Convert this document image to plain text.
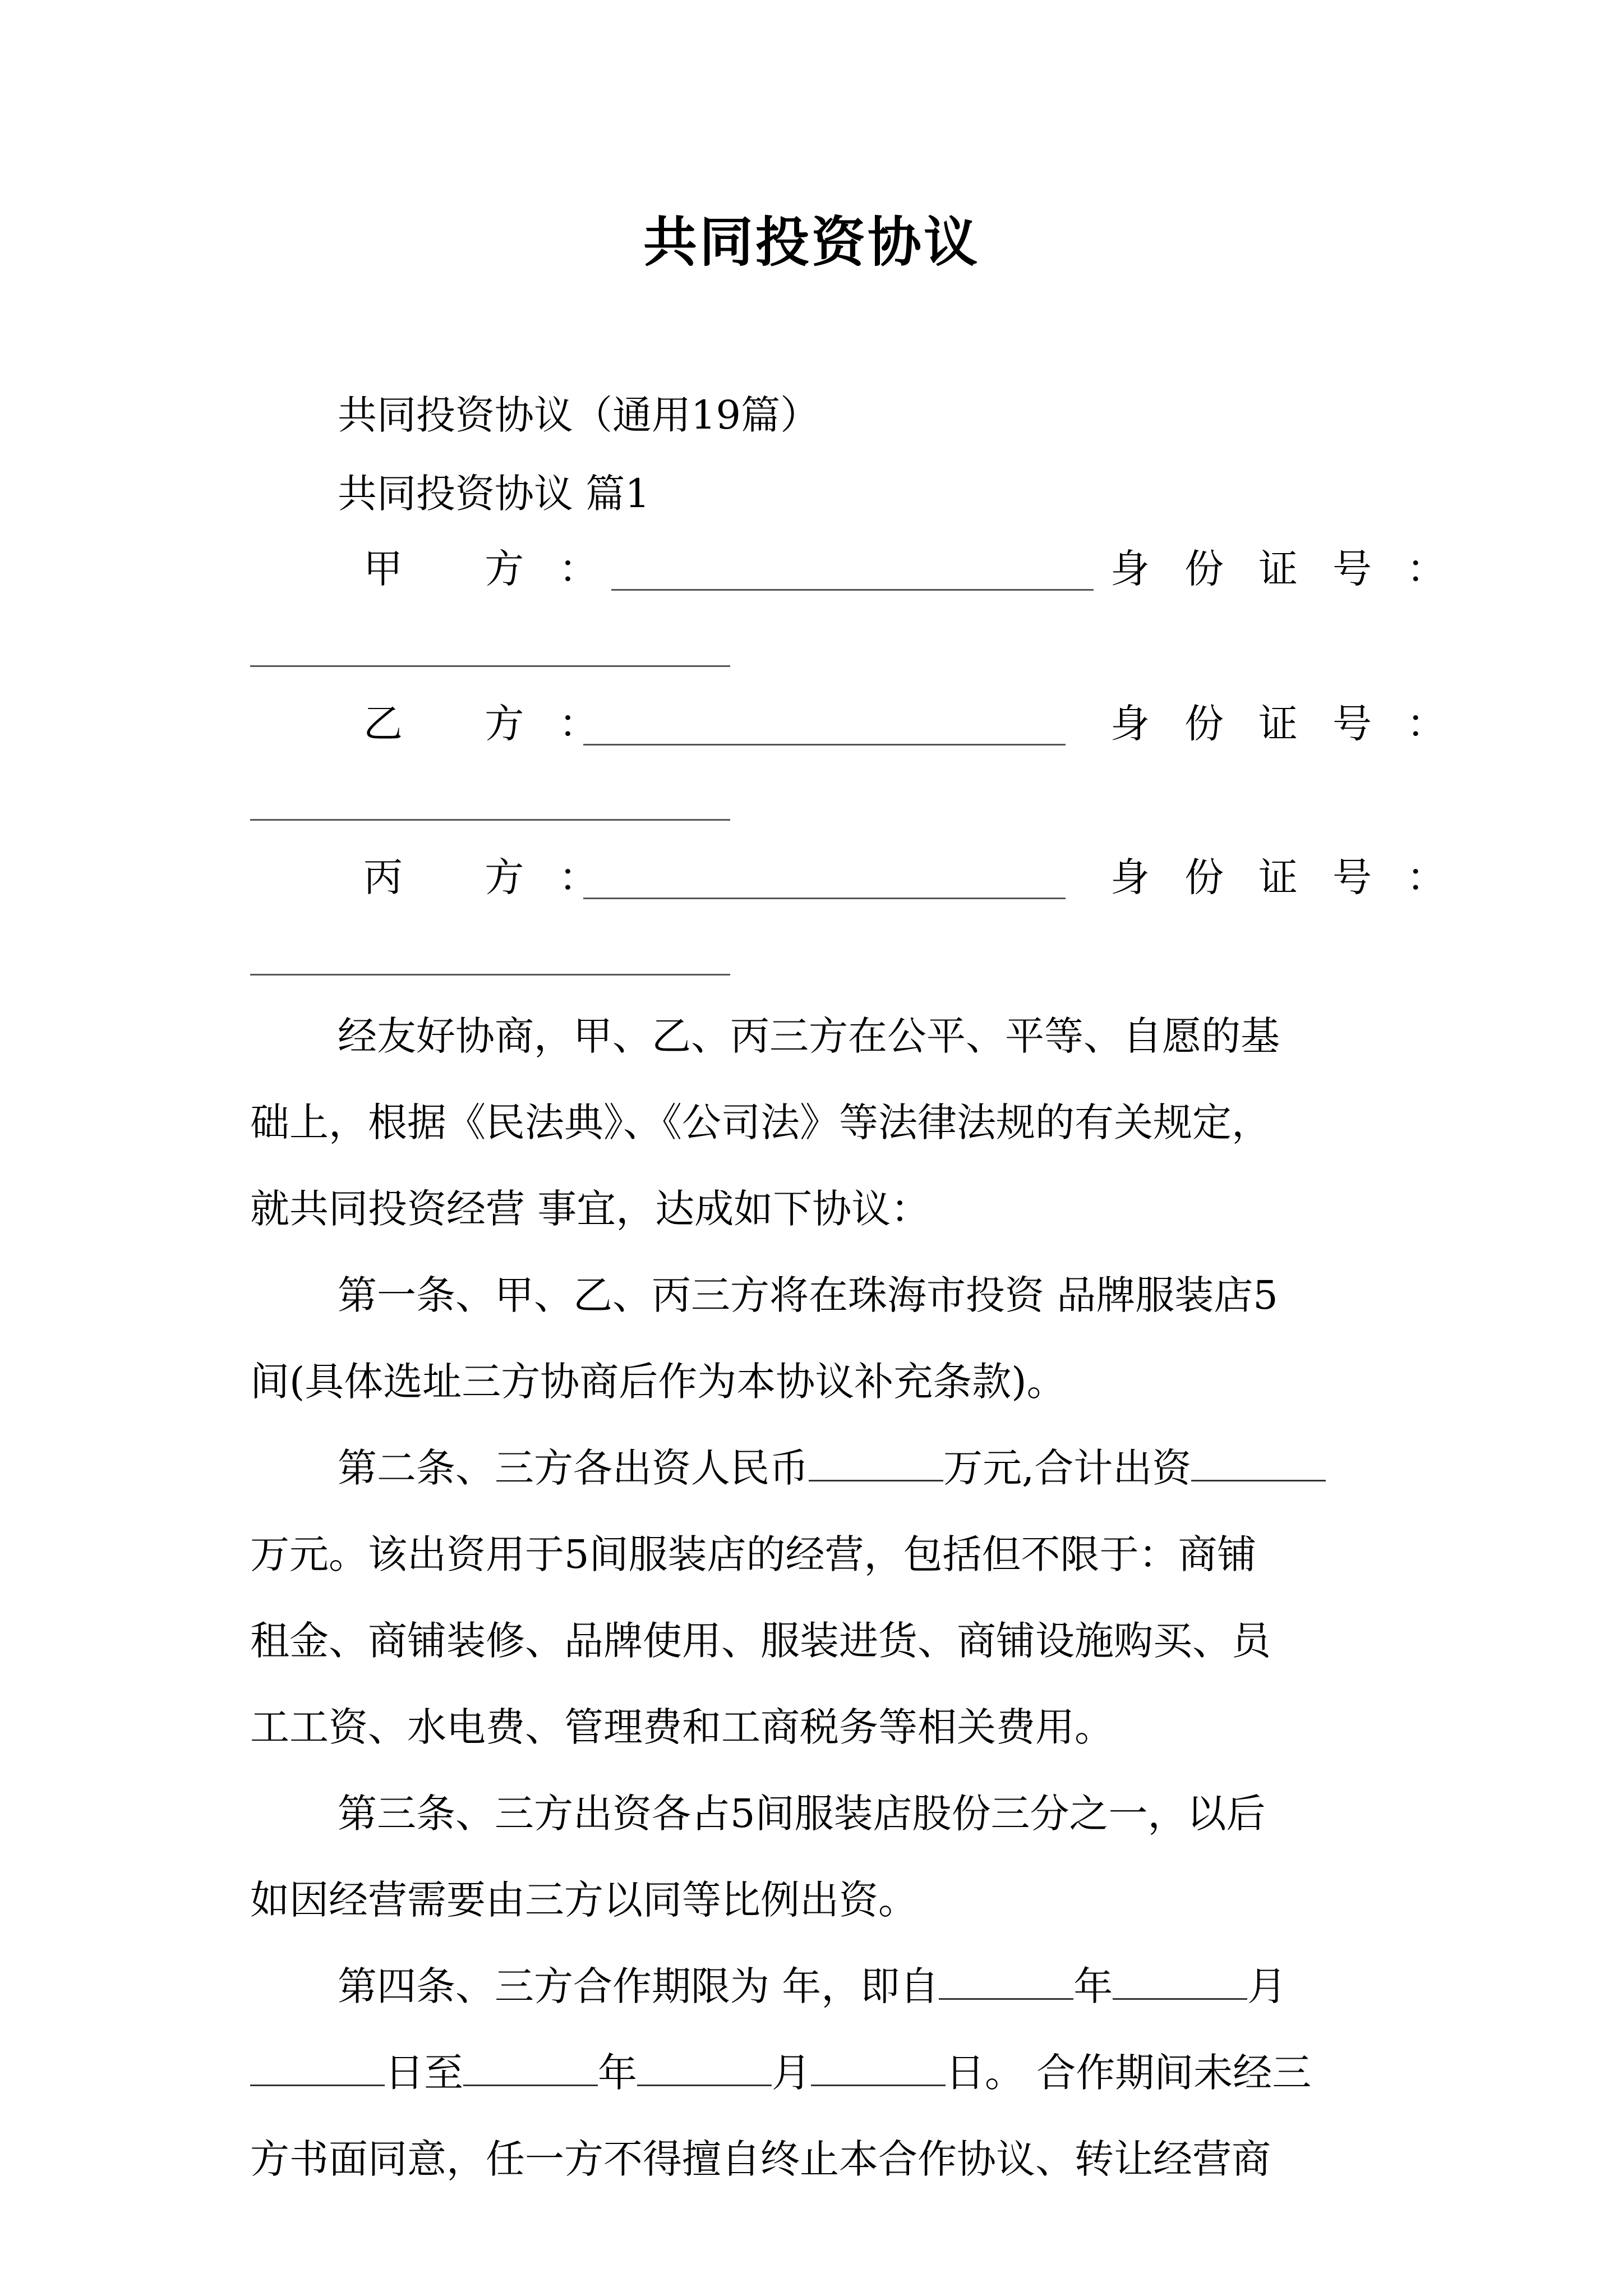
共同投资协议
共同投资协议（通用19篇）
共同投资协议 篇1
甲 方：	身份证号：
乙 方：	身份证号：
丙 方：	身份证号：
经友好协商，甲、乙、丙三方在公平、平等、自愿的基
础上，根据《民法典》、《公司法》等法律法规的有关规定，
就共同投资经营 事宜，达成如下协议：
第一条、甲、乙、丙三方将在珠海市投资 品牌服装店5
间(具体选址三方协商后作为本协议补充条款)。
第二条、三方各出资人民币	万元,合计出资
万元。该出资用于5间服装店的经营，包括但不限于：商铺
租金、商铺装修、品牌使用、服装进货、商铺设施购买、员
工工资、水电费、管理费和工商税务等相关费用。
第三条、三方出资各占5间服装店股份三分之一，以后
如因经营需要由三方以同等比例出资。
第四条、三方合作期限为 年，即自	年	月
日至	年	月	日。 合作期间未经三
方书面同意，任一方不得擅自终止本合作协议、转让经营商
